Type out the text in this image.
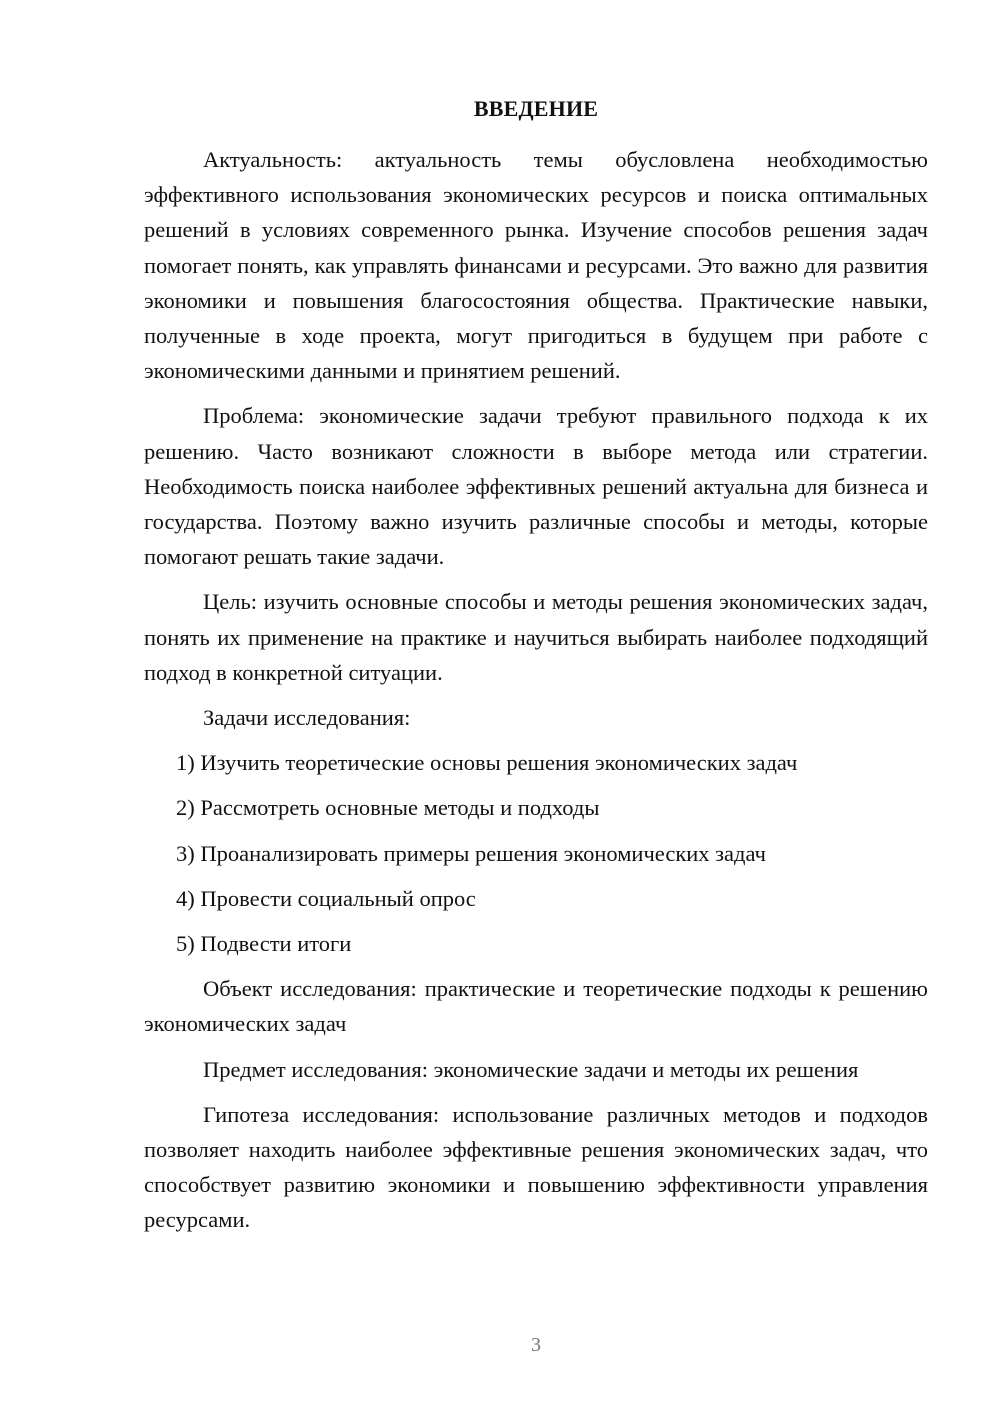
ВВЕДЕНИЕ

Актуальность: актуальность темы обусловлена необходимостью эффективного использования экономических ресурсов и поиска оптимальных решений в условиях современного рынка. Изучение способов решения задач помогает понять, как управлять финансами и ресурсами. Это важно для развития экономики и повышения благосостояния общества. Практические навыки, полученные в ходе проекта, могут пригодиться в будущем при работе с экономическими данными и принятием решений.

Проблема: экономические задачи требуют правильного подхода к их решению. Часто возникают сложности в выборе метода или стратегии. Необходимость поиска наиболее эффективных решений актуальна для бизнеса и государства. Поэтому важно изучить различные способы и методы, которые помогают решать такие задачи.

Цель: изучить основные способы и методы решения экономических задач, понять их применение на практике и научиться выбирать наиболее подходящий подход в конкретной ситуации.

Задачи исследования:

1) Изучить теоретические основы решения экономических задач
2) Рассмотреть основные методы и подходы
3) Проанализировать примеры решения экономических задач
4) Провести социальный опрос
5) Подвести итоги

Объект исследования: практические и теоретические подходы к решению экономических задач

Предмет исследования: экономические задачи и методы их решения

Гипотеза исследования: использование различных методов и подходов позволяет находить наиболее эффективные решения экономических задач, что способствует развитию экономики и повышению эффективности управления ресурсами.

3
